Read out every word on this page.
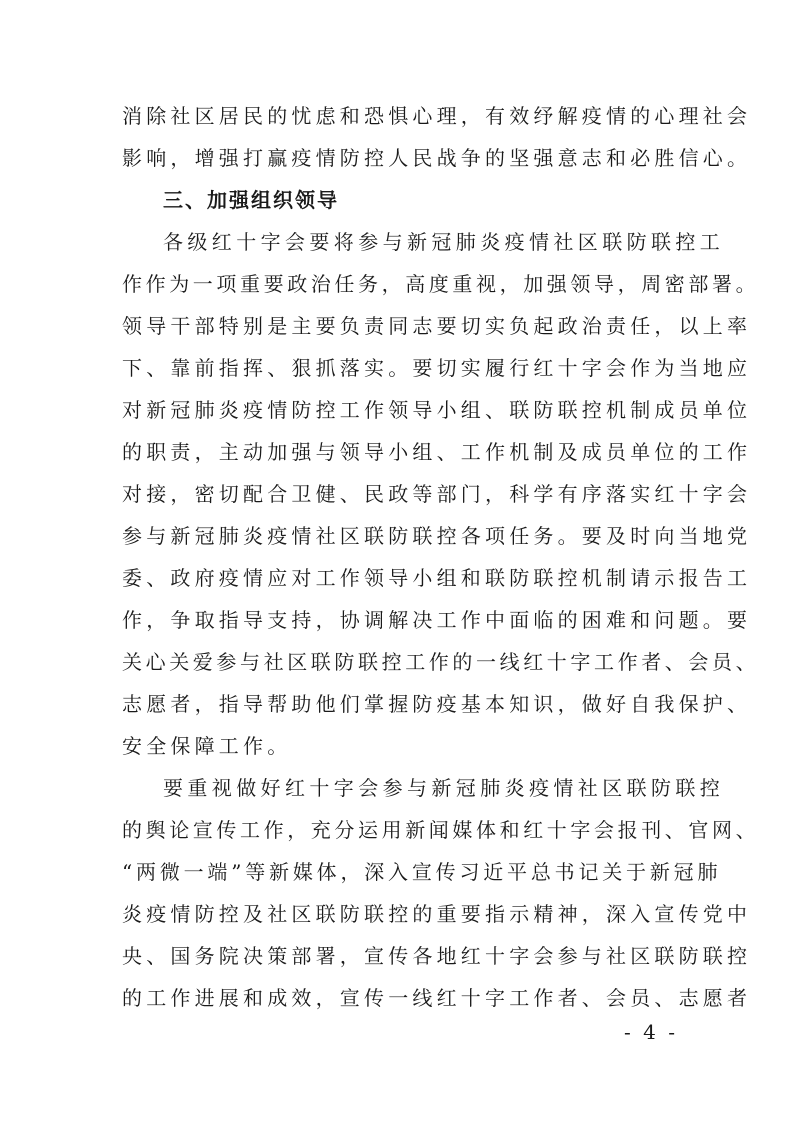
消除社区居民的忧虑和恐惧心理，有效纾解疫情的心理社会
影响，增强打赢疫情防控人民战争的坚强意志和必胜信心。
三、加强组织领导
各级红十字会要将参与新冠肺炎疫情社区联防联控工
作作为一项重要政治任务，高度重视，加强领导，周密部署。
领导干部特别是主要负责同志要切实负起政治责任，以上率
下、靠前指挥、狠抓落实。要切实履行红十字会作为当地应
对新冠肺炎疫情防控工作领导小组、联防联控机制成员单位
的职责，主动加强与领导小组、工作机制及成员单位的工作
对接，密切配合卫健、民政等部门，科学有序落实红十字会
参与新冠肺炎疫情社区联防联控各项任务。要及时向当地党
委、政府疫情应对工作领导小组和联防联控机制请示报告工
作，争取指导支持，协调解决工作中面临的困难和问题。要
关心关爱参与社区联防联控工作的一线红十字工作者、会员、
志愿者，指导帮助他们掌握防疫基本知识，做好自我保护、
安全保障工作。
要重视做好红十字会参与新冠肺炎疫情社区联防联控
的舆论宣传工作，充分运用新闻媒体和红十字会报刊、官网、
“两微一端”等新媒体，深入宣传习近平总书记关于新冠肺
炎疫情防控及社区联防联控的重要指示精神，深入宣传党中
央、国务院决策部署，宣传各地红十字会参与社区联防联控
的工作进展和成效，宣传一线红十字工作者、会员、志愿者
- 4 -
